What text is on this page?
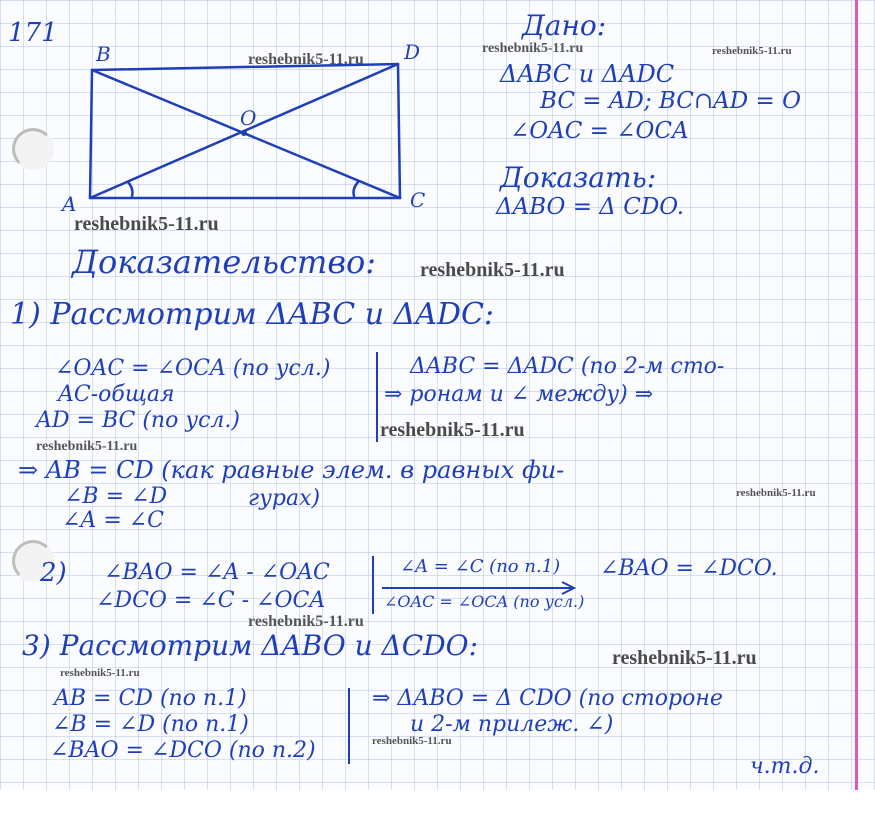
171
B	D
O
A	C
Дано:
ΔABC и ΔADC
BC = AD; BC∩AD = O
∠OAC = ∠OCA
Доказать:
ΔABO = Δ CDO.
Доказательство:
1) Рассмотрим ΔABC и ΔADC:
∠OAC = ∠OCA (по усл.)
AC-общая
AD = BC (по усл.)
ΔABC = ΔADC (по 2-м сто-
⇒ ронам и ∠ между) ⇒
⇒ AB = CD (как равные элем. в равных фи-
гурах)
∠B = ∠D
∠A = ∠C
2) ∠BAO = ∠A - ∠OAC
∠DCO = ∠C - ∠OCA
∠A = ∠C (по п.1)
∠OAC = ∠OCA (по усл.)
∠BAO = ∠DCO.
3) Рассмотрим ΔABO и ΔCDO:
AB = CD (по п.1)
∠B = ∠D (по п.1)
∠BAO = ∠DCO (по п.2)
⇒ ΔABO = Δ CDO (по стороне
и 2-м прилеж. ∠)
ч.т.д.
reshebnik5-11.ru
reshebnik5-11.ru	reshebnik5-11.ru
reshebnik5-11.ru
reshebnik5-11.ru
reshebnik5-11.ru
reshebnik5-11.ru
reshebnik5-11.ru
reshebnik5-11.ru
reshebnik5-11.ru
reshebnik5-11.ru
reshebnik5-11.ru
